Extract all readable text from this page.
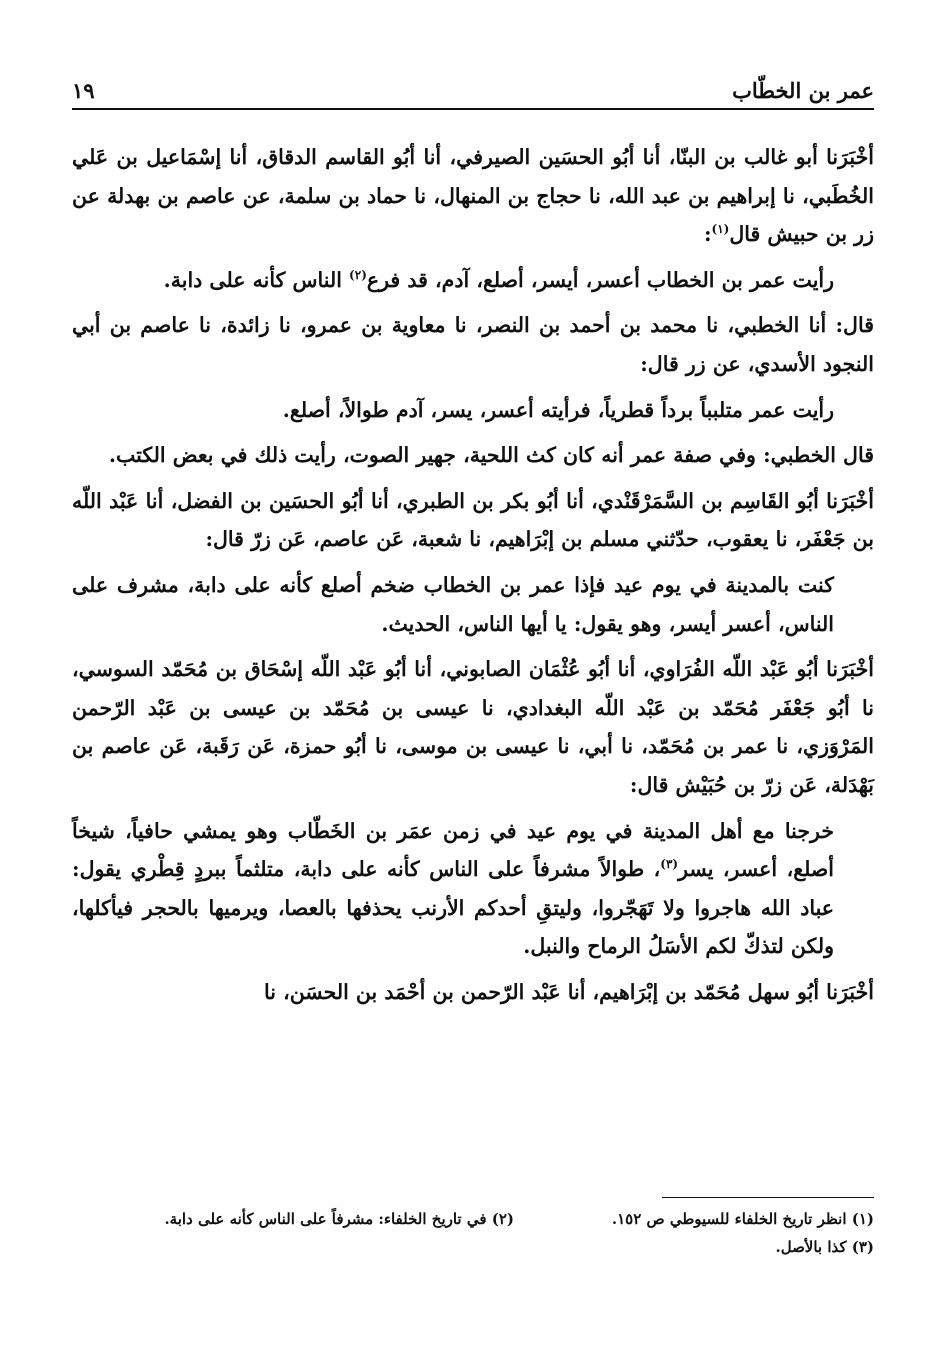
عمر بن الخطّاب
١٩

أخْبَرَنا أبو غالب بن البنّا، أنا أبُو الحسَين الصيرفي، أنا أبُو القاسم الدقاق، أنا إسْمَاعيل بن عَلي الخُطَبي، نا إبراهيم بن عبد الله، نا حجاج بن المنهال، نا حماد بن سلمة، عن عاصم بن بهدلة عن زر بن حبيش قال$^{(١)}$:

رأيت عمر بن الخطاب أعسر، أيسر، أصلع، آدم، قد فرع$^{(٢)}$ الناس كأنه على دابة.

قال: أنا الخطبي، نا محمد بن أحمد بن النصر، نا معاوية بن عمرو، نا زائدة، نا عاصم بن أبي النجود الأسدي، عن زر قال:

رأيت عمر متلبباً برداً قطرياً، فرأيته أعسر، يسر، آدم طوالاً، أصلع.

قال الخطبي: وفي صفة عمر أنه كان كث اللحية، جهير الصوت، رأيت ذلك في بعض الكتب.

أخْبَرَنا أبُو القَاسِم بن السَّمَرْقَنْدي، أنا أبُو بكر بن الطبري، أنا أبُو الحسَين بن الفضل، أنا عَبْد اللّه بن جَعْفَر، نا يعقوب، حدّثني مسلم بن إبْرَاهيم، نا شعبة، عَن عاصم، عَن زرّ قال:

كنت بالمدينة في يوم عيد فإذا عمر بن الخطاب ضخم أصلع كأنه على دابة، مشرف على الناس، أعسر أيسر، وهو يقول: يا أيها الناس، الحديث.

أخْبَرَنا أبُو عَبْد اللّه الفُرَاوي، أنا أبُو عُثْمَان الصابوني، أنا أبُو عَبْد اللّه إسْحَاق بن مُحَمّد السوسي، نا أبُو جَعْفَر مُحَمّد بن عَبْد اللّه البغدادي، نا عيسى بن مُحَمّد بن عيسى بن عَبْد الرّحمن المَرْوَزي، نا عمر بن مُحَمّد، نا أبي، نا عيسى بن موسى، نا أبُو حمزة، عَن رَقَبة، عَن عاصم بن بَهْدَلة، عَن زرّ بن حُبَيْش قال:

خرجنا مع أهل المدينة في يوم عيد في زمن عمَر بن الخَطّاب وهو يمشي حافياً، شيخاً أصلع، أعسر، يسر$^{(٣)}$، طوالاً مشرفاً على الناس كأنه على دابة، متلثماً ببردٍ قِطْري يقول: عباد الله هاجروا ولا تَهَجّروا، وليتقِ أحدكم الأرنب يحذفها بالعصا، ويرميها بالحجر فيأكلها، ولكن لتذكّ لكم الأسَلُ الرماح والنبل.

أخْبَرَنا أبُو سهل مُحَمّد بن إبْرَاهيم، أنا عَبْد الرّحمن بن أحْمَد بن الحسَن، نا

(١) انظر تاريخ الخلفاء للسيوطي ص ١٥٢.
(٢) في تاريخ الخلفاء: مشرفاً على الناس كأنه على دابة.
(٣) كذا بالأصل.
